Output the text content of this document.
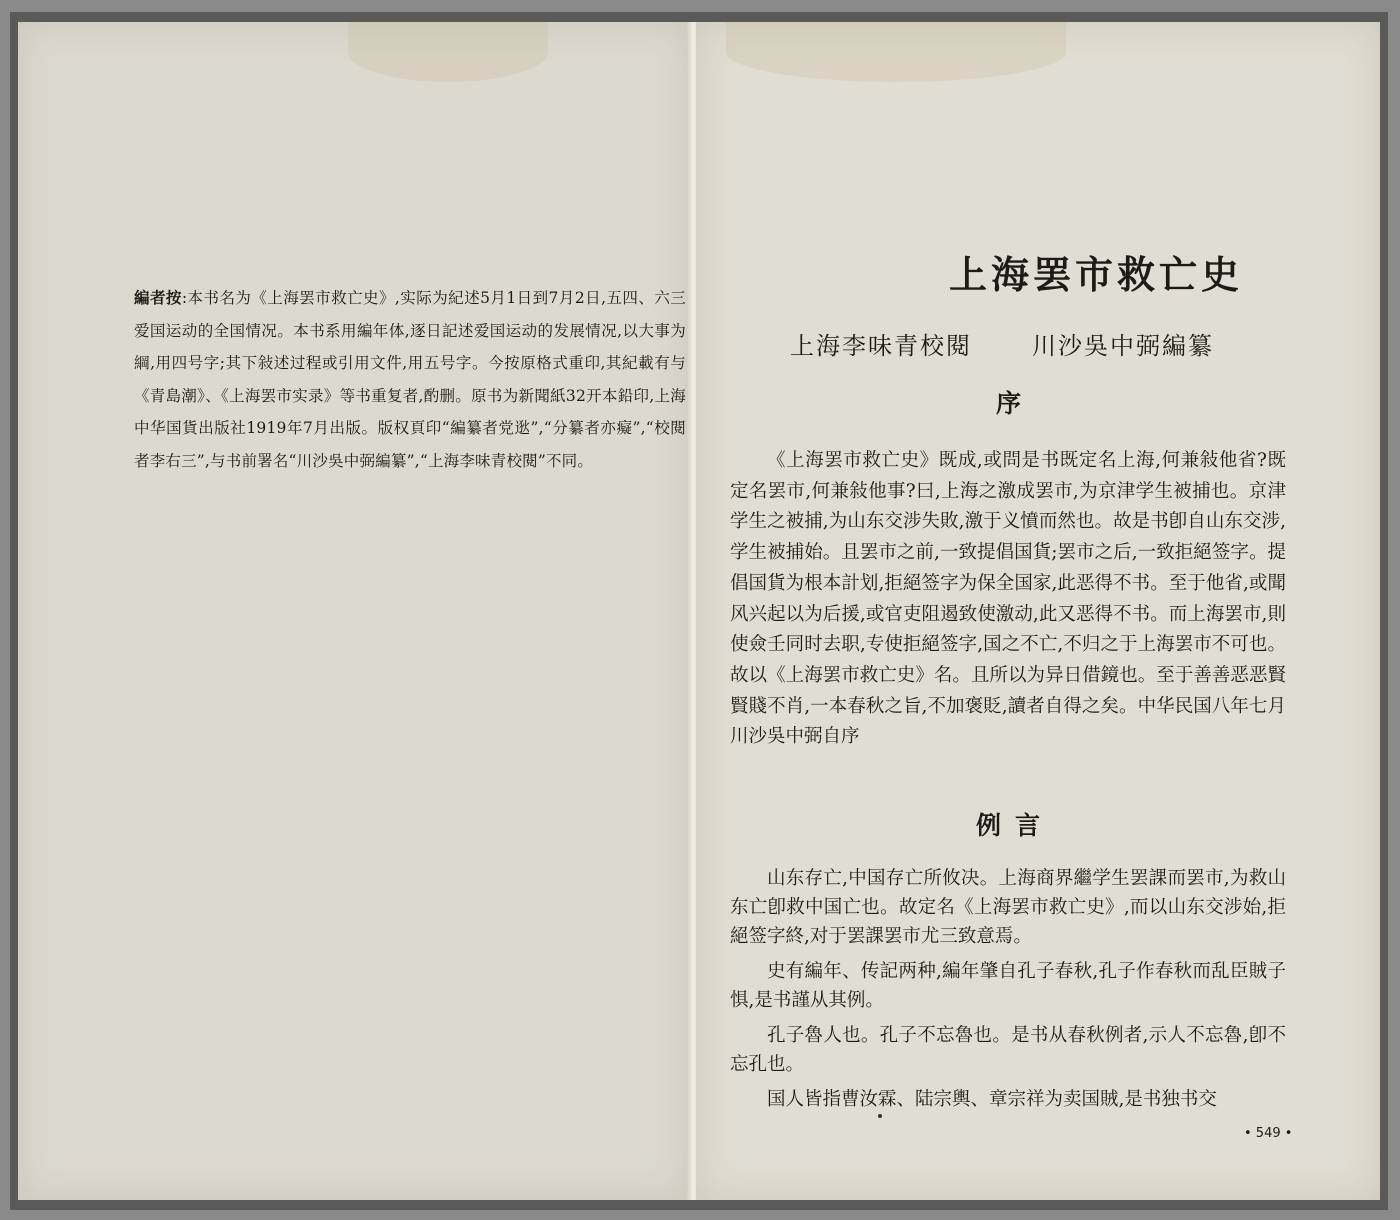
編者按:本书名为《上海罢市救亡史》,实际为紀述5月1日到7月2日,五四、六三爱国运动的全国情况。本书系用編年体,逐日記述爱国运动的发展情况,以大事为綱,用四号字;其下敍述过程或引用文件,用五号字。今按原格式重印,其紀載有与《青島潮》、《上海罢市实录》等书重复者,酌删。原书为新聞紙32开本鉛印,上海中华国貨出版社1919年7月出版。版权頁印“編纂者党逖”,“分纂者亦癡”,“校閱者李右三”,与书前署名“川沙吳中弼編纂”,“上海李味青校閱”不同。

上海罢市救亡史

上海李味青校閱	川沙吳中弼編纂

序

《上海罢市救亡史》既成,或問是书既定名上海,何兼敍他省?既定名罢市,何兼敍他事?曰,上海之激成罢市,为京津学生被捕也。京津学生之被捕,为山东交涉失敗,激于义憤而然也。故是书卽自山东交涉,学生被捕始。且罢市之前,一致提倡国貨;罢市之后,一致拒絕签字。提倡国貨为根本計划,拒絕签字为保全国家,此恶得不书。至于他省,或聞风兴起以为后援,或官吏阻遏致使激动,此又恶得不书。而上海罢市,則使僉壬同时去职,专使拒絕签字,国之不亡,不归之于上海罢市不可也。故以《上海罢市救亡史》名。且所以为异日借鏡也。至于善善恶恶賢賢賤不肖,一本春秋之旨,不加褒貶,讀者自得之矣。中华民国八年七月川沙吳中弼自序

例言

山东存亡,中国存亡所攸决。上海商界繼学生罢課而罢市,为救山东亡卽救中国亡也。故定名《上海罢市救亡史》,而以山东交涉始,拒絕签字終,对于罢課罢市尤三致意焉。

史有編年、传記两种,編年肇自孔子春秋,孔子作春秋而乱臣賊子惧,是书謹从其例。

孔子魯人也。孔子不忘魯也。是书从春秋例者,示人不忘魯,卽不忘孔也。

国人皆指曹汝霖、陆宗輿、章宗祥为卖国賊,是书独书交

• 549 •
